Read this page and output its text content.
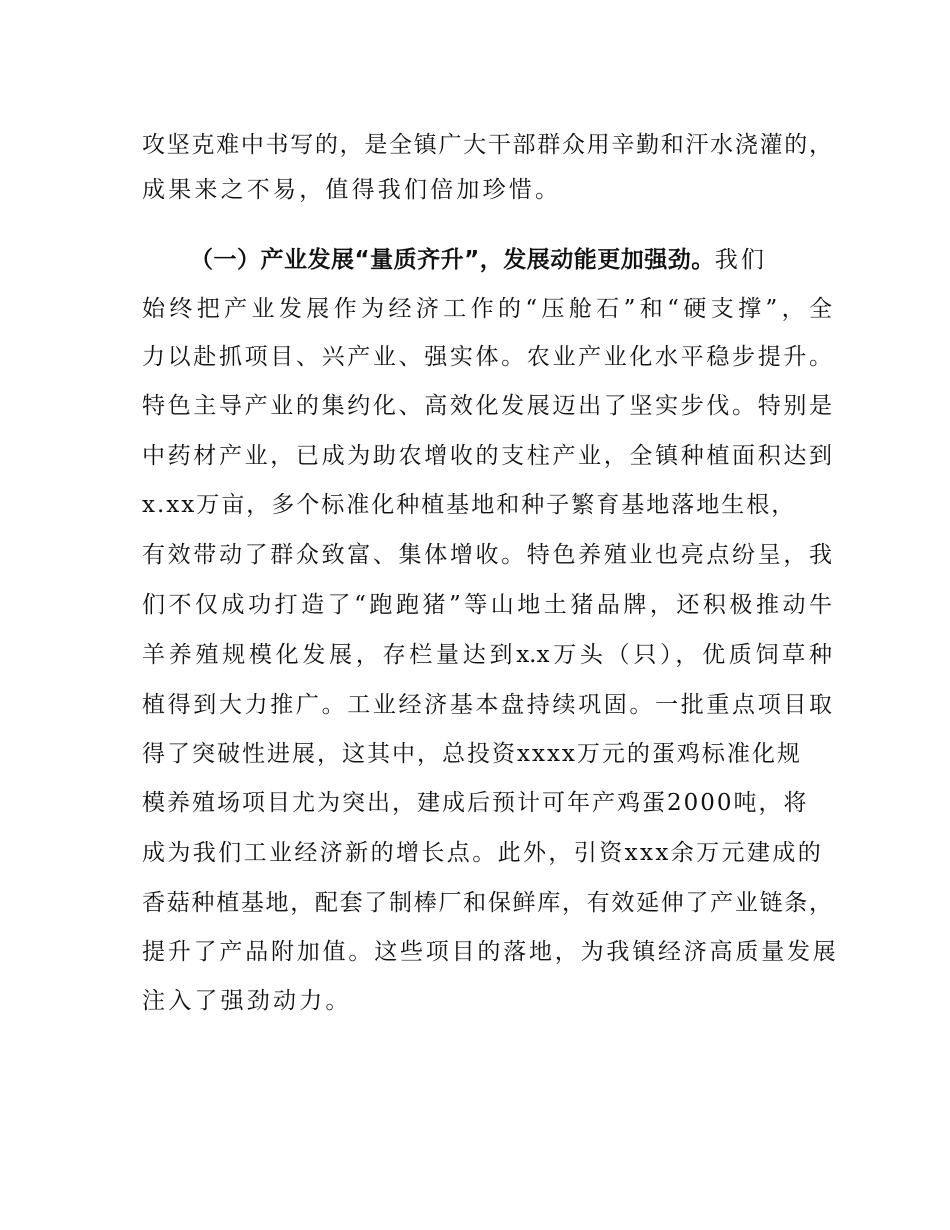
攻坚克难中书写的，是全镇广大干部群众用辛勤和汗水浇灌的，
成果来之不易，值得我们倍加珍惜。
（一）产业发展“量质齐升”，发展动能更加强劲。我们
始终把产业发展作为经济工作的“压舱石”和“硬支撑”，全
力以赴抓项目、兴产业、强实体。农业产业化水平稳步提升。
特色主导产业的集约化、高效化发展迈出了坚实步伐。特别是
中药材产业，已成为助农增收的支柱产业，全镇种植面积达到
x.xx万亩，多个标准化种植基地和种子繁育基地落地生根，
有效带动了群众致富、集体增收。特色养殖业也亮点纷呈，我
们不仅成功打造了“跑跑猪”等山地土猪品牌，还积极推动牛
羊养殖规模化发展，存栏量达到x.x万头（只），优质饲草种
植得到大力推广。工业经济基本盘持续巩固。一批重点项目取
得了突破性进展，这其中，总投资xxxx万元的蛋鸡标准化规
模养殖场项目尤为突出，建成后预计可年产鸡蛋2000吨，将
成为我们工业经济新的增长点。此外，引资xxx余万元建成的
香菇种植基地，配套了制棒厂和保鲜库，有效延伸了产业链条，
提升了产品附加值。这些项目的落地，为我镇经济高质量发展
注入了强劲动力。
